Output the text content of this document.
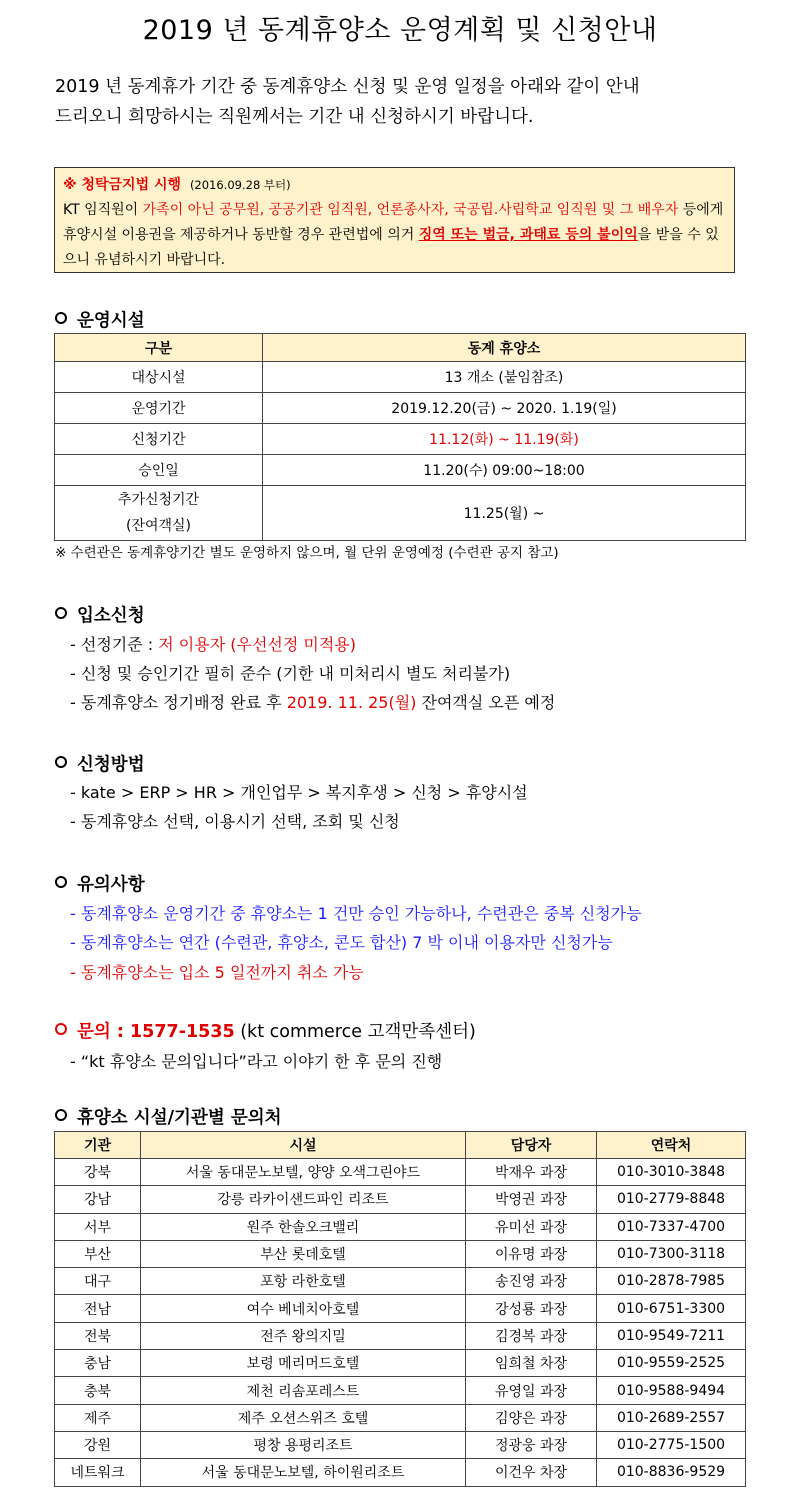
2019 년 동계휴양소 운영계획 및 신청안내
2019 년 동계휴가 기간 중 동계휴양소 신청 및 운영 일정을 아래와 같이 안내
드리오니 희망하시는 직원께서는 기간 내 신청하시기 바랍니다.
※ 청탁금지법 시행 (2016.09.28 부터)
KT 임직원이 가족이 아닌 공무원, 공공기관 임직원, 언론종사자, 국공립.사립학교 임직원 및 그 배우자 등에게 휴양시설 이용권을 제공하거나 동반할 경우 관련법에 의거 징역 또는 벌금, 과태료 등의 불이익을 받을 수 있으니 유념하시기 바랍니다.
운영시설
구분	동계 휴양소
대상시설	13 개소 (붙임참조)
운영기간	2019.12.20(금) ~ 2020. 1.19(일)
신청기간	11.12(화) ~ 11.19(화)
승인일	11.20(수) 09:00~18:00

추가신청기간
(잔여객실)	11.25(월) ~
※ 수련관은 동계휴양기간 별도 운영하지 않으며, 월 단위 운영예정 (수련관 공지 참고)
입소신청
- 선정기준 : 저 이용자 (우선선정 미적용)
- 신청 및 승인기간 필히 준수 (기한 내 미처리시 별도 처리불가)
- 동계휴양소 정기배정 완료 후 2019. 11. 25(월) 잔여객실 오픈 예정
신청방법
- kate > ERP > HR > 개인업무 > 복지후생 > 신청 > 휴양시설
- 동계휴양소 선택, 이용시기 선택, 조회 및 신청
유의사항
- 동계휴양소 운영기간 중 휴양소는 1 건만 승인 가능하나, 수련관은 중복 신청가능
- 동계휴양소는 연간 (수련관, 휴양소, 콘도 합산) 7 박 이내 이용자만 신청가능
- 동계휴양소는 입소 5 일전까지 취소 가능
문의 : 1577-1535 (kt commerce 고객만족센터)
- “kt 휴양소 문의입니다”라고 이야기 한 후 문의 진행
휴양소 시설/기관별 문의처
기관	시설	담당자	연락처
강북	서울 동대문노보텔, 양양 오색그린야드	박재우 과장	010-3010-3848
강남	강릉 라카이샌드파인 리조트	박영권 과장	010-2779-8848
서부	원주 한솔오크밸리	유미선 과장	010-7337-4700
부산	부산 롯데호텔	이유명 과장	010-7300-3118
대구	포항 라한호텔	송진영 과장	010-2878-7985
전남	여수 베네치아호텔	강성룡 과장	010-6751-3300
전북	전주 왕의지밀	김경복 과장	010-9549-7211
충남	보령 메리머드호텔	임희철 차장	010-9559-2525
충북	제천 리솜포레스트	유영일 과장	010-9588-9494
제주	제주 오션스위즈 호텔	김양은 과장	010-2689-2557
강원	평창 용평리조트	정광웅 과장	010-2775-1500
네트워크	서울 동대문노보텔, 하이원리조트	이건우 차장	010-8836-9529
